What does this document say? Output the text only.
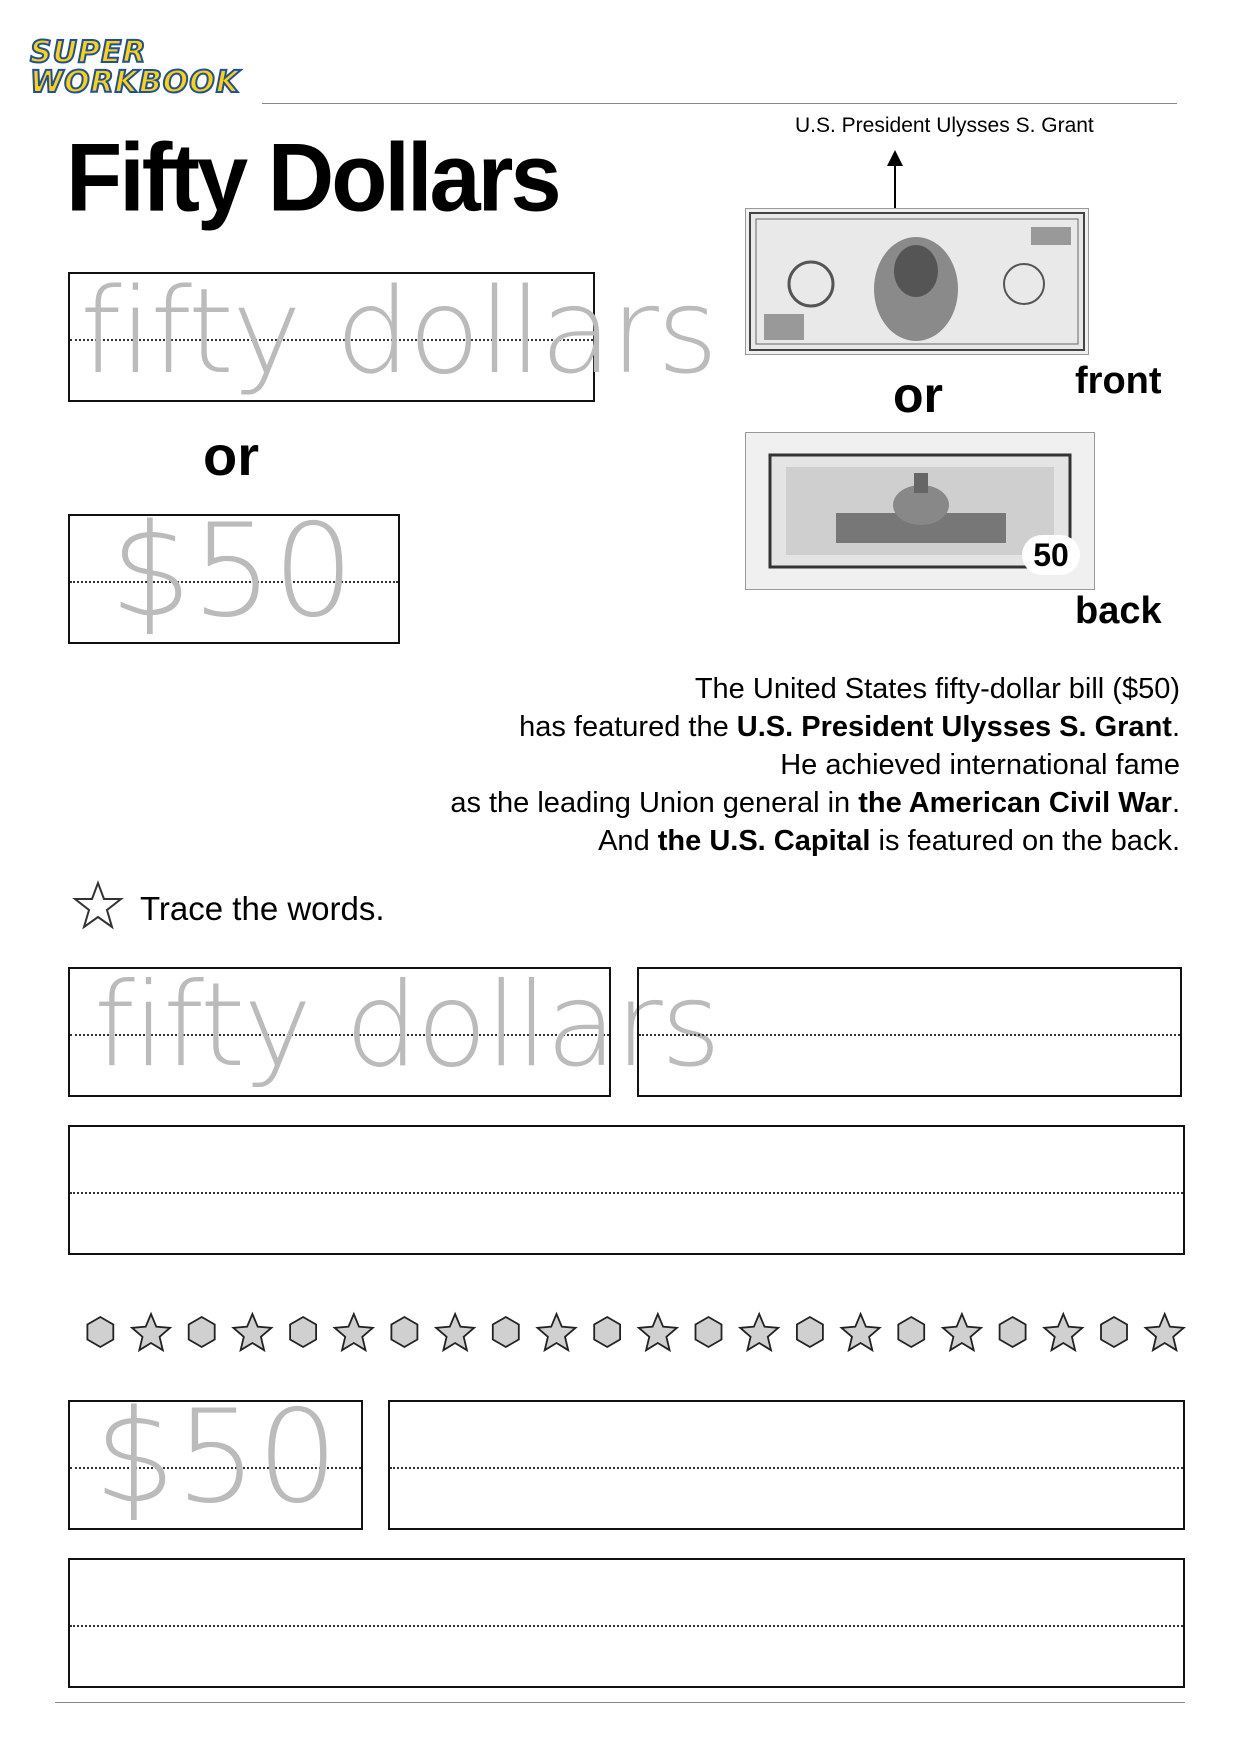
SUPER
WORKBOOK
Fifty Dollars
fifty dollars
or
$50
U.S. President Ulysses S. Grant
or	front
50
back
The United States fifty-dollar bill ($50)
has featured the U.S. President Ulysses S. Grant.
He achieved international fame
as the leading Union general in the American Civil War.
And the U.S. Capital is featured on the back.
Trace the words.
fifty dollars
$50
